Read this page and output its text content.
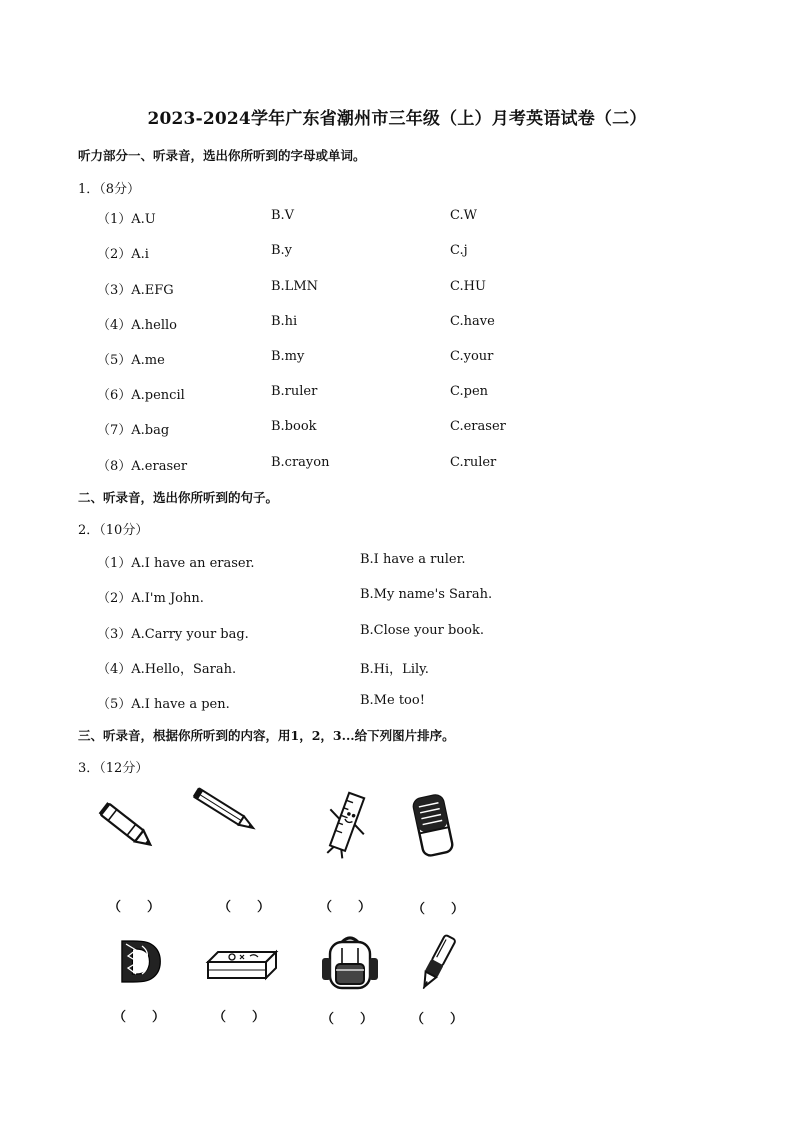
2023-2024学年广东省潮州市三年级（上）月考英语试卷（二）
听力部分一、听录音，选出你所听到的字母或单词。
1．（8分）
（1）A.U	B.V	C.W
（2）A.i	B.y	C.j
（3）A.EFG	B.LMN	C.HU
（4）A.hello	B.hi	C.have
（5）A.me	B.my	C.your
（6）A.pencil	B.ruler	C.pen
（7）A.bag	B.book	C.eraser
（8）A.eraser	B.crayon	C.ruler
二、听录音，选出你所听到的句子。
2．（10分）
（1）A.I have an eraser.	B.I have a ruler.
（2）A.I'm John.	B.My name's Sarah.
（3）A.Carry your bag.	B.Close your book.
（4）A.Hello，Sarah.	B.Hi，Lily.
（5）A.I have a pen.	B.Me too!
三、听录音，根据你所听到的内容，用1，2，3...给下列图片排序。
3．（12分）
（　　）	（　　）	（　　）	（　　）
D
（　　）	（　　）	（　　）	（　　）
